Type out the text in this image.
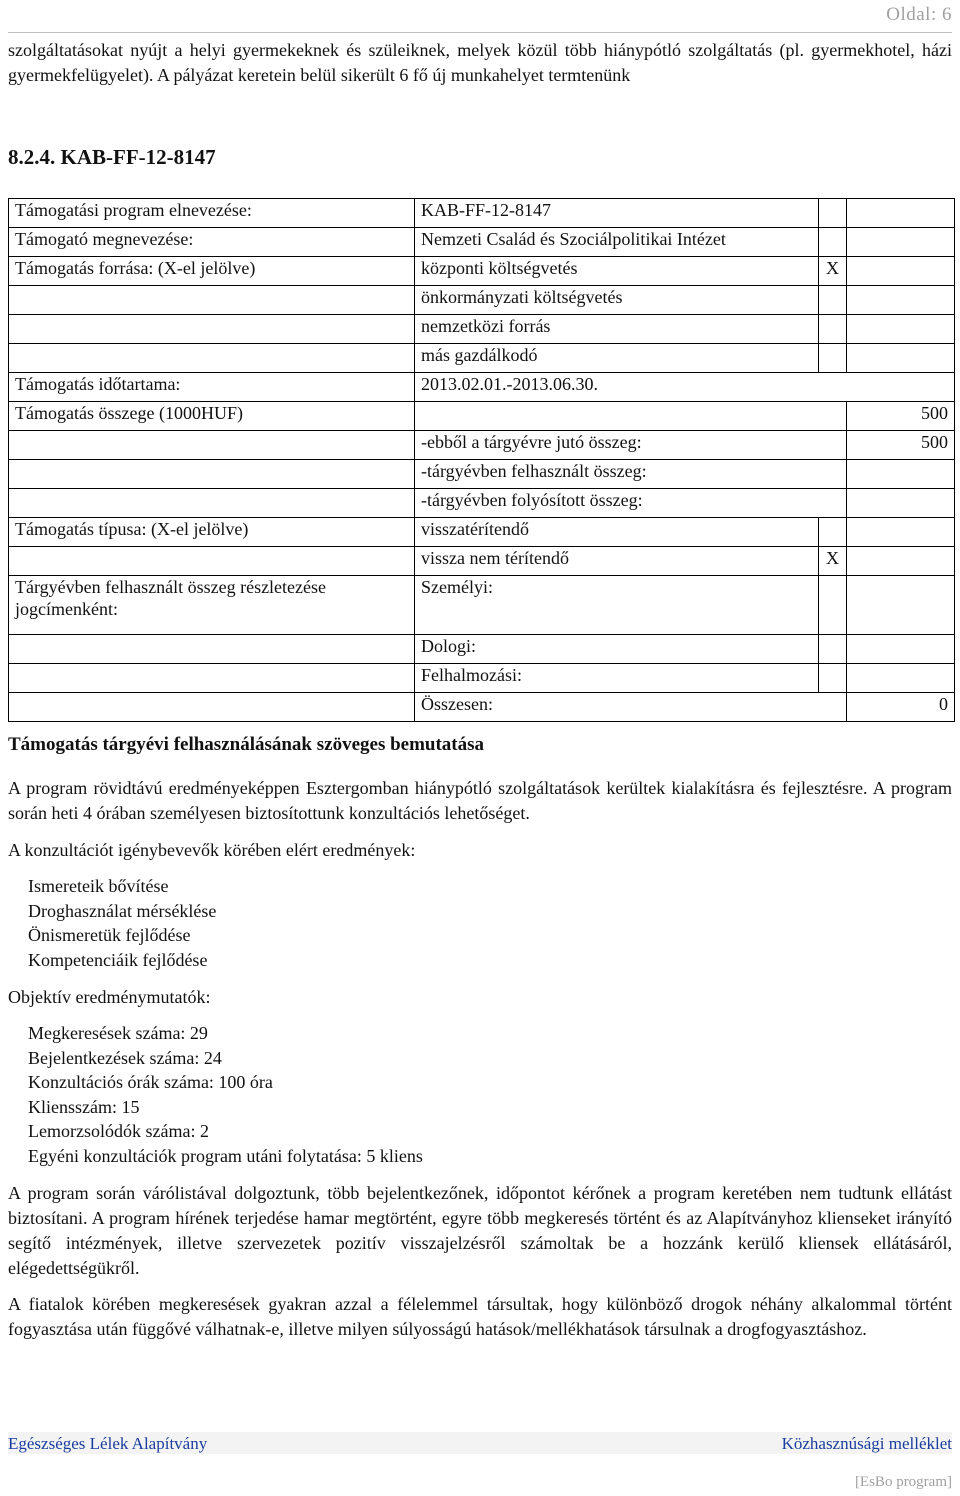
Oldal: 6

szolgáltatásokat nyújt a helyi gyermekeknek és szüleiknek, melyek közül több hiánypótló szolgáltatás (pl. gyermekhotel, házi gyermekfelügyelet). A pályázat keretein belül sikerült 6 fő új munkahelyet termtenünk

8.2.4. KAB-FF-12-8147
Támogatási program elnevezése:	KAB-FF-12-8147		
Támogató megnevezése:	Nemzeti Család és Szociálpolitikai Intézet		
Támogatás forrása: (X-el jelölve)	központi költségvetés	X	
	önkormányzati költségvetés		
	nemzetközi forrás		
	más gazdálkodó		
Támogatás időtartama:	2013.02.01.-2013.06.30.		
Támogatás összege (1000HUF)			500
	-ebből a tárgyévre jutó összeg:		500
	-tárgyévben felhasznált összeg:		
	-tárgyévben folyósított összeg:		
Támogatás típusa: (X-el jelölve)	visszatérítendő		
	vissza nem térítendő	X	
Tárgyévben felhasznált összeg részletezése jogcímenként:	Személyi:		
	Dologi:		
	Felhalmozási:		
	Összesen:		0
Támogatás tárgyévi felhasználásának szöveges bemutatása

A program rövidtávú eredményeképpen Esztergomban hiánypótló szolgáltatások kerültek kialakításra és fejlesztésre. A program során heti 4 órában személyesen biztosítottunk konzultációs lehetőséget.

A konzultációt igénybevevők körében elért eredmények:

Ismereteik bővítése
Droghasználat mérséklése
Önismeretük fejlődése
Kompetenciáik fejlődése

Objektív eredménymutatók:

Megkeresések száma: 29
Bejelentkezések száma: 24
Konzultációs órák száma: 100 óra
Kliensszám: 15
Lemorzsolódók száma: 2
Egyéni konzultációk program utáni folytatása: 5 kliens

A program során várólistával dolgoztunk, több bejelentkezőnek, időpontot kérőnek a program keretében nem tudtunk ellátást biztosítani. A program hírének terjedése hamar megtörtént, egyre több megkeresés történt és az Alapítványhoz klienseket irányító segítő intézmények, illetve szervezetek pozitív visszajelzésről számoltak be a hozzánk kerülő kliensek ellátásáról, elégedettségükről.

A fiatalok körében megkeresések gyakran azzal a félelemmel társultak, hogy különböző drogok néhány alkalommal történt fogyasztása után függővé válhatnak-e, illetve milyen súlyosságú hatások/mellékhatások társulnak a drogfogyasztáshoz.

Egészséges Lélek Alapítvány	Közhasznúsági melléklet
[EsBo program]
